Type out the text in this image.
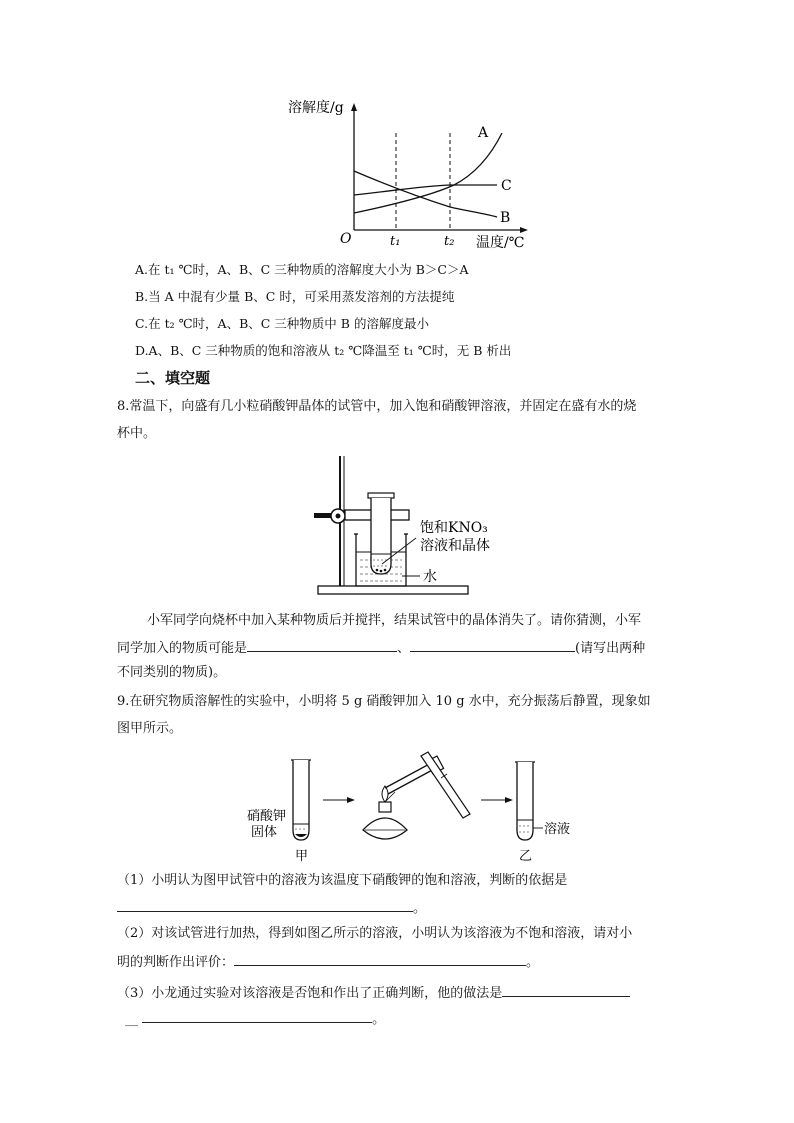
溶解度/g
O	t₁	t₂ 温度/℃
A
C
B
A.在 t₁ ℃时，A、B、C 三种物质的溶解度大小为 B＞C＞A
B.当 A 中混有少量 B、C 时，可采用蒸发溶剂的方法提纯
C.在 t₂ ℃时，A、B、C 三种物质中 B 的溶解度最小
D.A、B、C 三种物质的饱和溶液从 t₂ ℃降温至 t₁ ℃时，无 B 析出
二、填空题
8.常温下，向盛有几小粒硝酸钾晶体的试管中，加入饱和硝酸钾溶液，并固定在盛有水的烧
杯中。
饱和KNO₃
溶液和晶体
水
小军同学向烧杯中加入某种物质后并搅拌，结果试管中的晶体消失了。请你猜测，小军
同学加入的物质可能是	、	(请写出两种
不同类别的物质)。
9.在研究物质溶解性的实验中，小明将 5 g 硝酸钾加入 10 g 水中，充分振荡后静置，现象如
图甲所示。
硝酸钾
固体
甲
溶液
乙
（1）小明认为图甲试管中的溶液为该温度下硝酸钾的饱和溶液，判断的依据是
。
（2）对该试管进行加热，得到如图乙所示的溶液，小明认为该溶液为不饱和溶液，请对小
明的判断作出评价：	。
（3）小龙通过实验对该溶液是否饱和作出了正确判断，他的做法是
__	。
